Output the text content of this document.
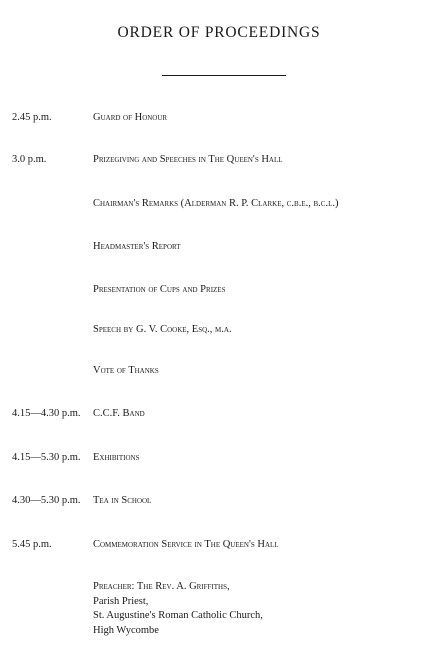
ORDER OF PROCEEDINGS
2.45 p.m.	Guard of Honour
3.0 p.m.	Prizegiving and Speeches in The Queen's Hall
Chairman's Remarks (Alderman R. P. Clarke, c.b.e., b.c.l.)
Headmaster's Report
Presentation of Cups and Prizes
Speech by G. V. Cooke, Esq., m.a.
Vote of Thanks
4.15—4.30 p.m. C.C.F. Band
4.15—5.30 p.m. Exhibitions
4.30—5.30 p.m. Tea in School
5.45 p.m.	Commemoration Service in The Queen's Hall
Preacher: The Rev. A. Griffiths,
Parish Priest,
St. Augustine's Roman Catholic Church,
High Wycombe
